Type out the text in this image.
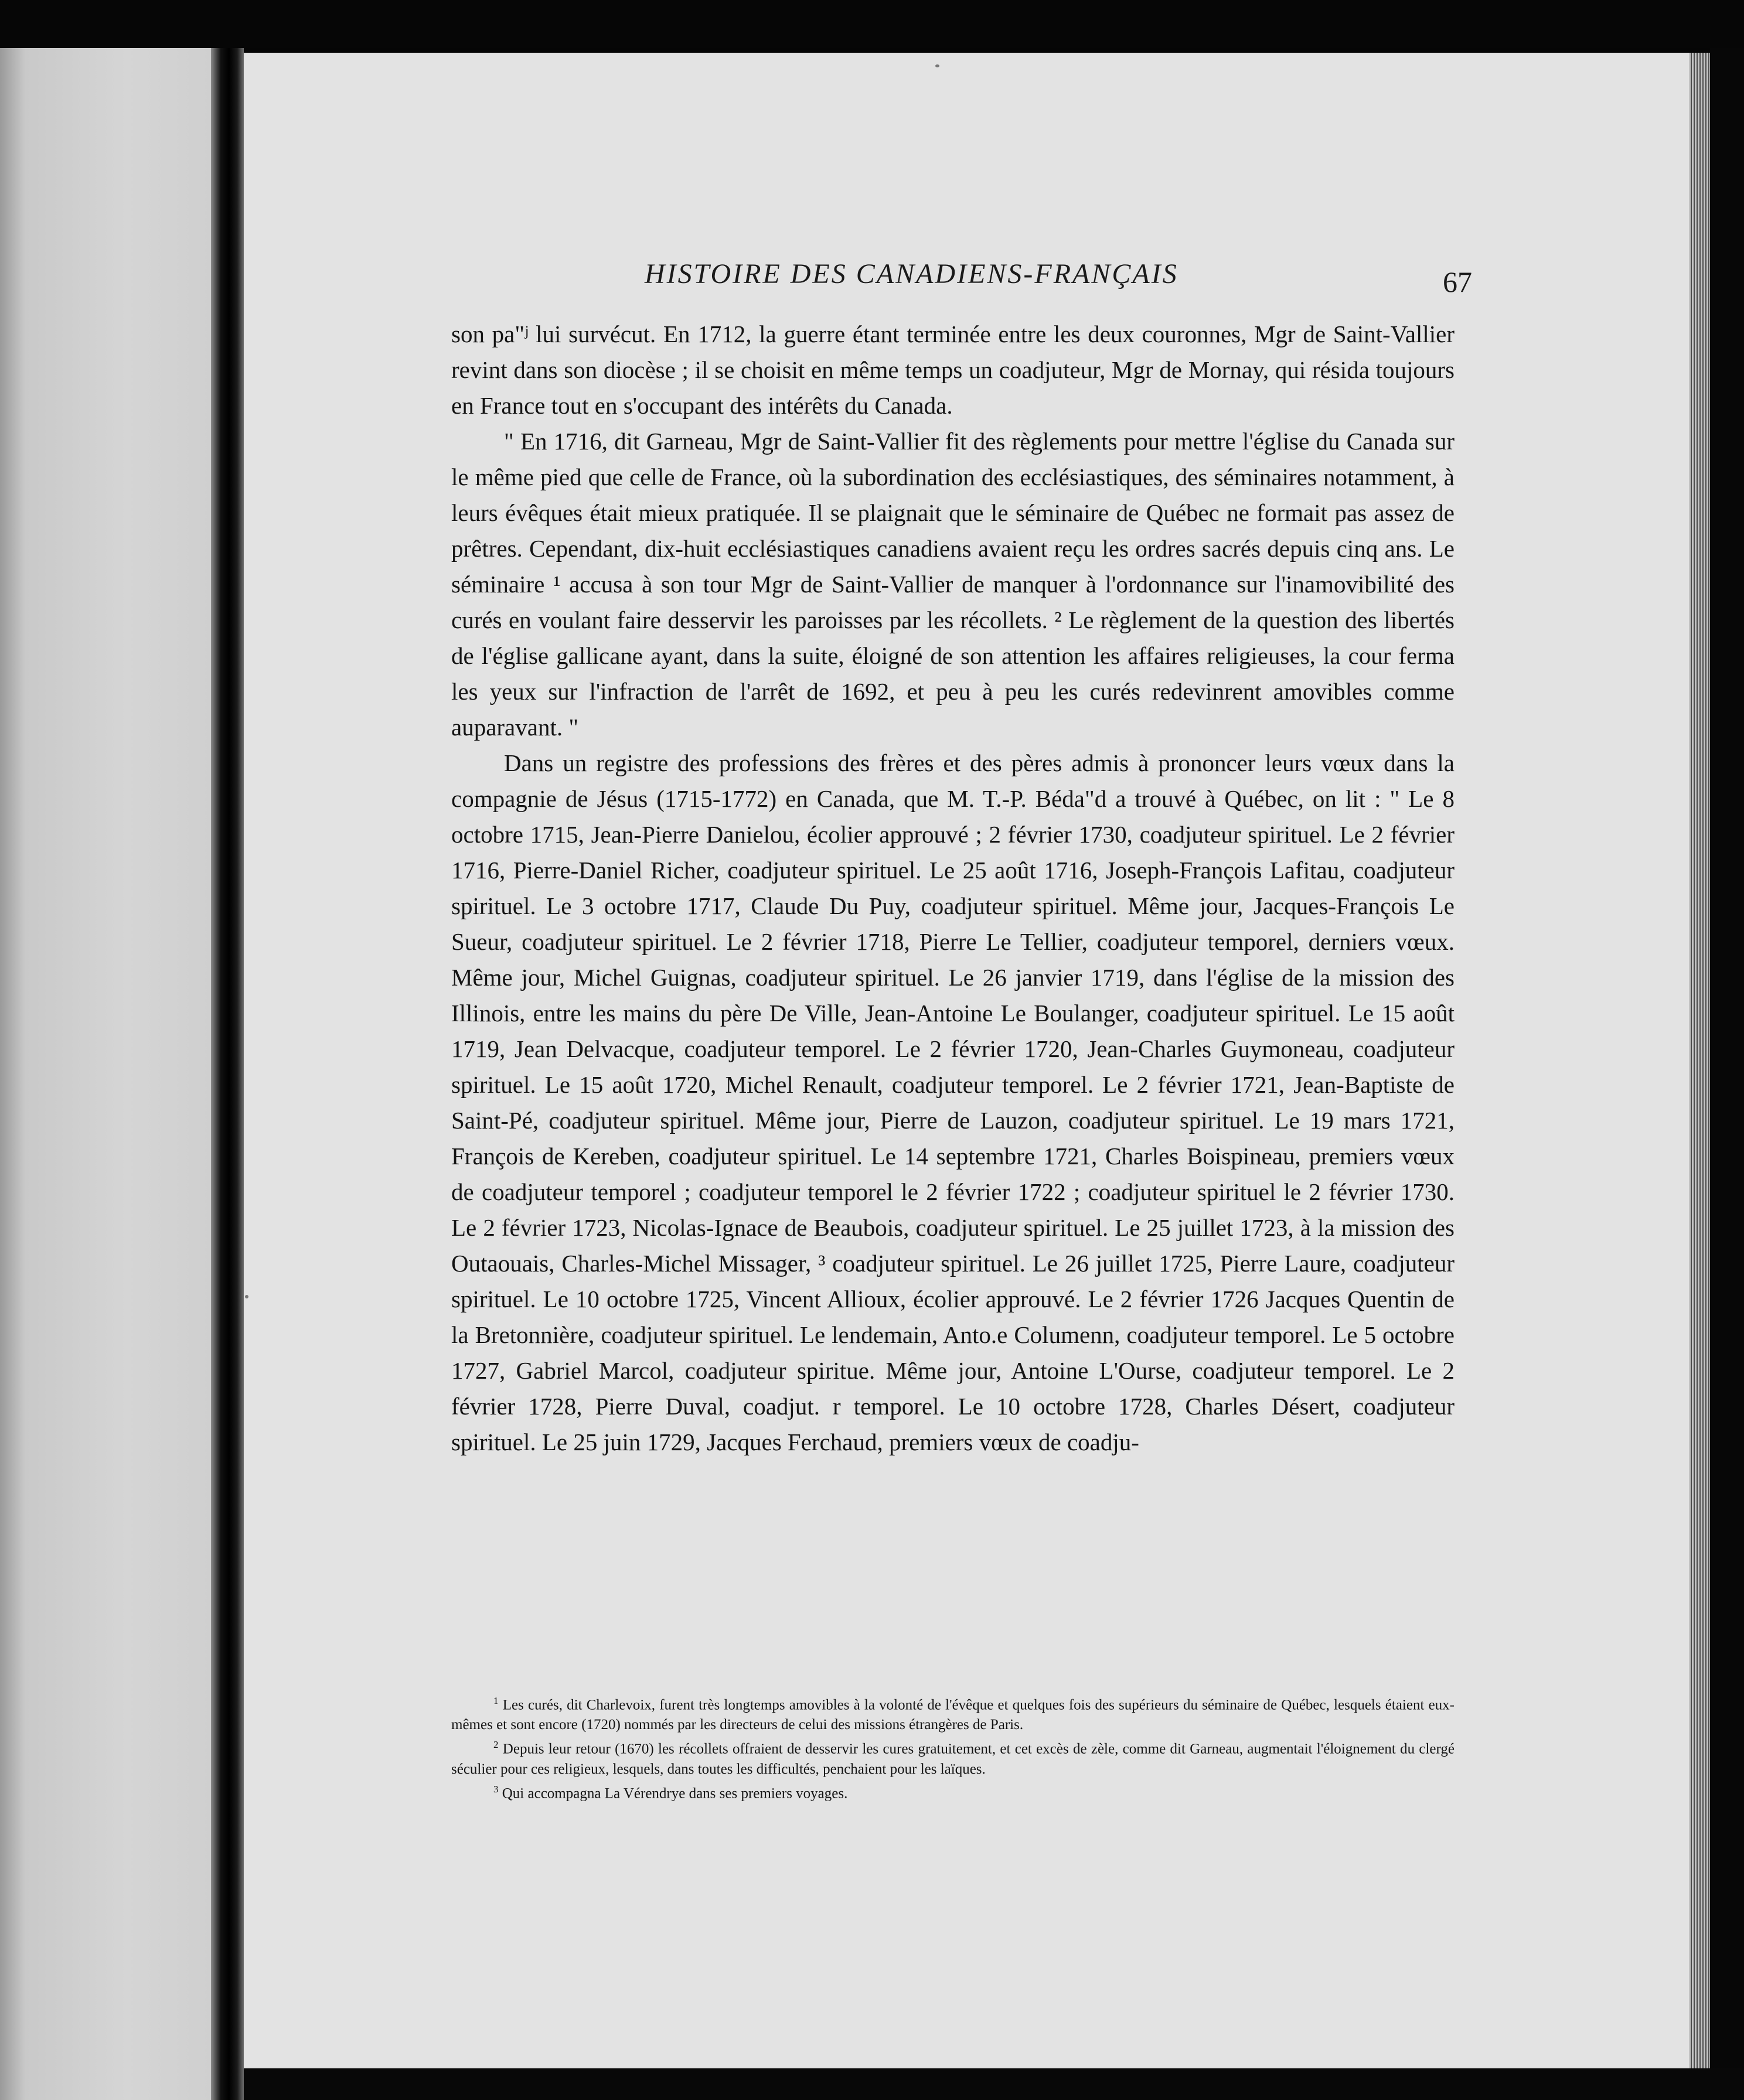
HISTOIRE DES CANADIENS-FRANÇAIS	67

son pa"ʲ lui survécut. En 1712, la guerre étant terminée entre les deux couronnes, Mgr de Saint-Vallier revint dans son diocèse ; il se choisit en même temps un coadjuteur, Mgr de Mornay, qui résida toujours en France tout en s'occupant des intérêts du Canada.

" En 1716, dit Garneau, Mgr de Saint-Vallier fit des règlements pour mettre l'église du Canada sur le même pied que celle de France, où la subordination des ecclésiastiques, des séminaires notamment, à leurs évêques était mieux pratiquée. Il se plaignait que le séminaire de Québec ne formait pas assez de prêtres. Cependant, dix-huit ecclésiastiques canadiens avaient reçu les ordres sacrés depuis cinq ans. Le séminaire ¹ accusa à son tour Mgr de Saint-Vallier de manquer à l'ordonnance sur l'inamovibilité des curés en voulant faire desservir les paroisses par les récollets. ² Le règlement de la question des libertés de l'église gallicane ayant, dans la suite, éloigné de son attention les affaires religieuses, la cour ferma les yeux sur l'infraction de l'arrêt de 1692, et peu à peu les curés redevinrent amovibles comme auparavant. "

Dans un registre des professions des frères et des pères admis à prononcer leurs vœux dans la compagnie de Jésus (1715-1772) en Canada, que M. T.-P. Béda"d a trouvé à Québec, on lit : " Le 8 octobre 1715, Jean-Pierre Danielou, écolier approuvé ; 2 février 1730, coadjuteur spirituel. Le 2 février 1716, Pierre-Daniel Richer, coadjuteur spirituel. Le 25 août 1716, Joseph-François Lafitau, coadjuteur spirituel. Le 3 octobre 1717, Claude Du Puy, coadjuteur spirituel. Même jour, Jacques-François Le Sueur, coadjuteur spirituel. Le 2 février 1718, Pierre Le Tellier, coadjuteur temporel, derniers vœux. Même jour, Michel Guignas, coadjuteur spirituel. Le 26 janvier 1719, dans l'église de la mission des Illinois, entre les mains du père De Ville, Jean-Antoine Le Boulanger, coadjuteur spirituel. Le 15 août 1719, Jean Delvacque, coadjuteur temporel. Le 2 février 1720, Jean-Charles Guymoneau, coadjuteur spirituel. Le 15 août 1720, Michel Renault, coadjuteur temporel. Le 2 février 1721, Jean-Baptiste de Saint-Pé, coadjuteur spirituel. Même jour, Pierre de Lauzon, coadjuteur spirituel. Le 19 mars 1721, François de Kereben, coadjuteur spirituel. Le 14 septembre 1721, Charles Boispineau, premiers vœux de coadjuteur temporel ; coadjuteur temporel le 2 février 1722 ; coadjuteur spirituel le 2 février 1730. Le 2 février 1723, Nicolas-Ignace de Beaubois, coadjuteur spirituel. Le 25 juillet 1723, à la mission des Outaouais, Charles-Michel Missager, ³ coadjuteur spirituel. Le 26 juillet 1725, Pierre Laure, coadjuteur spirituel. Le 10 octobre 1725, Vincent Allioux, écolier approuvé. Le 2 février 1726 Jacques Quentin de la Bretonnière, coadjuteur spirituel. Le lendemain, Anto.e Columenn, coadjuteur temporel. Le 5 octobre 1727, Gabriel Marcol, coadjuteur spiritue. Même jour, Antoine L'Ourse, coadjuteur temporel. Le 2 février 1728, Pierre Duval, coadjut. r temporel. Le 10 octobre 1728, Charles Désert, coadjuteur spirituel. Le 25 juin 1729, Jacques Ferchaud, premiers vœux de coadju-

$^1$ Les curés, dit Charlevoix, furent très longtemps amovibles à la volonté de l'évêque et quelques fois des supérieurs du séminaire de Québec, lesquels étaient eux-mêmes et sont encore (1720) nommés par les directeurs de celui des missions étrangères de Paris.

$^2$ Depuis leur retour (1670) les récollets offraient de desservir les cures gratuitement, et cet excès de zèle, comme dit Garneau, augmentait l'éloignement du clergé séculier pour ces religieux, lesquels, dans toutes les difficultés, penchaient pour les laïques.

$^3$ Qui accompagna La Vérendrye dans ses premiers voyages.
